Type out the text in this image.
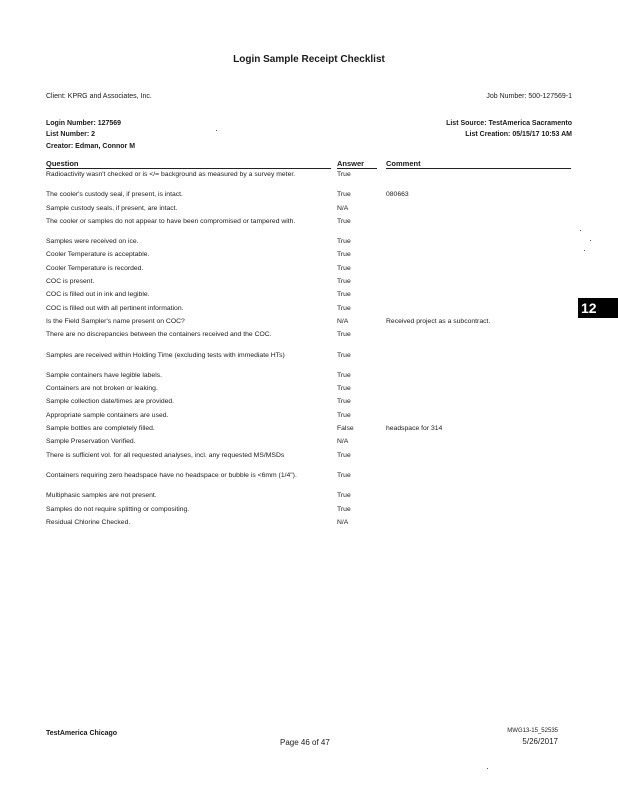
Login Sample Receipt Checklist
Client: KPRG and Associates, Inc.	Job Number: 500-127569-1
Login Number: 127569	List Source: TestAmerica Sacramento
List Number: 2	List Creation: 05/15/17 10:53 AM
Creator: Edman, Connor M
Question	Answer	Comment
Radioactivity wasn't checked or is </= background as measured by a survey meter.	True
The cooler's custody seal, if present, is intact.	True	080663
Sample custody seals, if present, are intact.	N/A
The cooler or samples do not appear to have been compromised or tampered with.	True
Samples were received on ice.	True
Cooler Temperature is acceptable.	True
Cooler Temperature is recorded.	True
COC is present.	True
COC is filled out in ink and legible.	True
COC is filled out with all pertinent information.	True
Is the Field Sampler's name present on COC?	N/A	Received project as a subcontract.
There are no discrepancies between the containers received and the COC.	True
Samples are received within Holding Time (excluding tests with immediate HTs)	True
Sample containers have legible labels.	True
Containers are not broken or leaking.	True
Sample collection date/times are provided.	True
Appropriate sample containers are used.	True
Sample bottles are completely filled.	False	headspace for 314
Sample Preservation Verified.	N/A
There is sufficient vol. for all requested analyses, incl. any requested MS/MSDs	True
Containers requiring zero headspace have no headspace or bubble is <6mm (1/4").	True
Multiphasic samples are not present.	True
Samples do not require splitting or compositing.	True
Residual Chlorine Checked.	N/A
12
TestAmerica Chicago
Page 46 of 47
MWG13-15_52535
5/26/2017
